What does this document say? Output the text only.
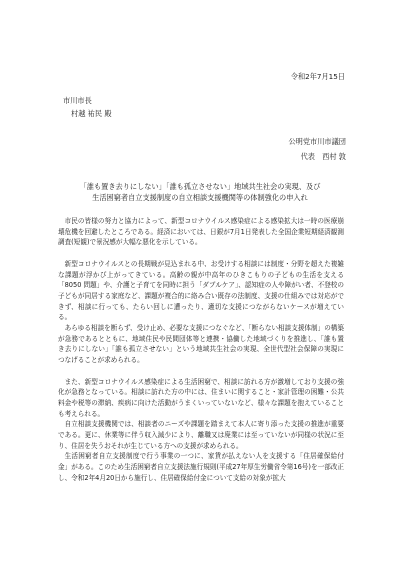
令和2年7月15日
市川市長
村越 祐民 殿
公明党市川市議団
代表　西村 敦
「誰も置き去りにしない」「誰も孤立させない」地域共生社会の実現、及び
生活困窮者自立支援制度の自立相談支援機関等の体制強化の申入れ

市民の皆様の努力と協力によって、新型コロナウイルス感染症による感染拡大は一時の医療崩壊危機を回避したところである。経済においては、日銀が7月1日発表した全国企業短期経済観測調査(短観)で景況感が大幅な悪化を示している。

新型コロナウイルスとの長期戦が見込まれる中、お受けする相談には制度・分野を超えた複雑な課題が浮かび上がってきている。高齢の親が中高年のひきこもりの子どもの生活を支える「8050 問題」や、介護と子育てを同時に担う「ダブルケア」、認知症の人や障がい者、不登校の子どもが同居する家庭など、課題が複合的に絡み合い既存の法制度、支援の仕組みでは対応ができず、相談に行っても、たらい回しに遭ったり、適切な支援につながらないケースが増えている。

あらゆる相談を断らず、受け止め、必要な支援につなぐなど、「断らない相談支援体制」の構築が急務であるとともに、地域住民や民間団体等と連携・協働した地域づくりを推進し、「誰も置き去りにしない」「誰も孤立させない」という地域共生社会の実現、全世代型社会保障の実現につなげることが求められる。

また、新型コロナウイルス感染症による生活困窮で、相談に訪れる方が激増しており支援の強化が急務となっている。相談に訪れた方の中には、住まいに関すること・家計管理の困難・公共料金や税等の滞納、疾病に向けた活動がうまくいっていないなど、様々な課題を抱えていることも考えられる。

自立相談支援機関では、相談者のニーズや課題を踏まえて本人に寄り添った支援の推進が重要である。更に、休業等に伴う収入減少により、離職又は廃業には至っていないが同様の状況に至り、住居を失うおそれが生じている方への支援が求められる。

生活困窮者自立支援制度で行う事業の一つに、家賃が払えない人を支援する「住居確保給付金」がある。このため生活困窮者自立支援法施行規則(平成27年厚生労働省令第16号)を一部改正し、令和2年4月20日から施行し、住居確保給付金について支給の対象が拡大
